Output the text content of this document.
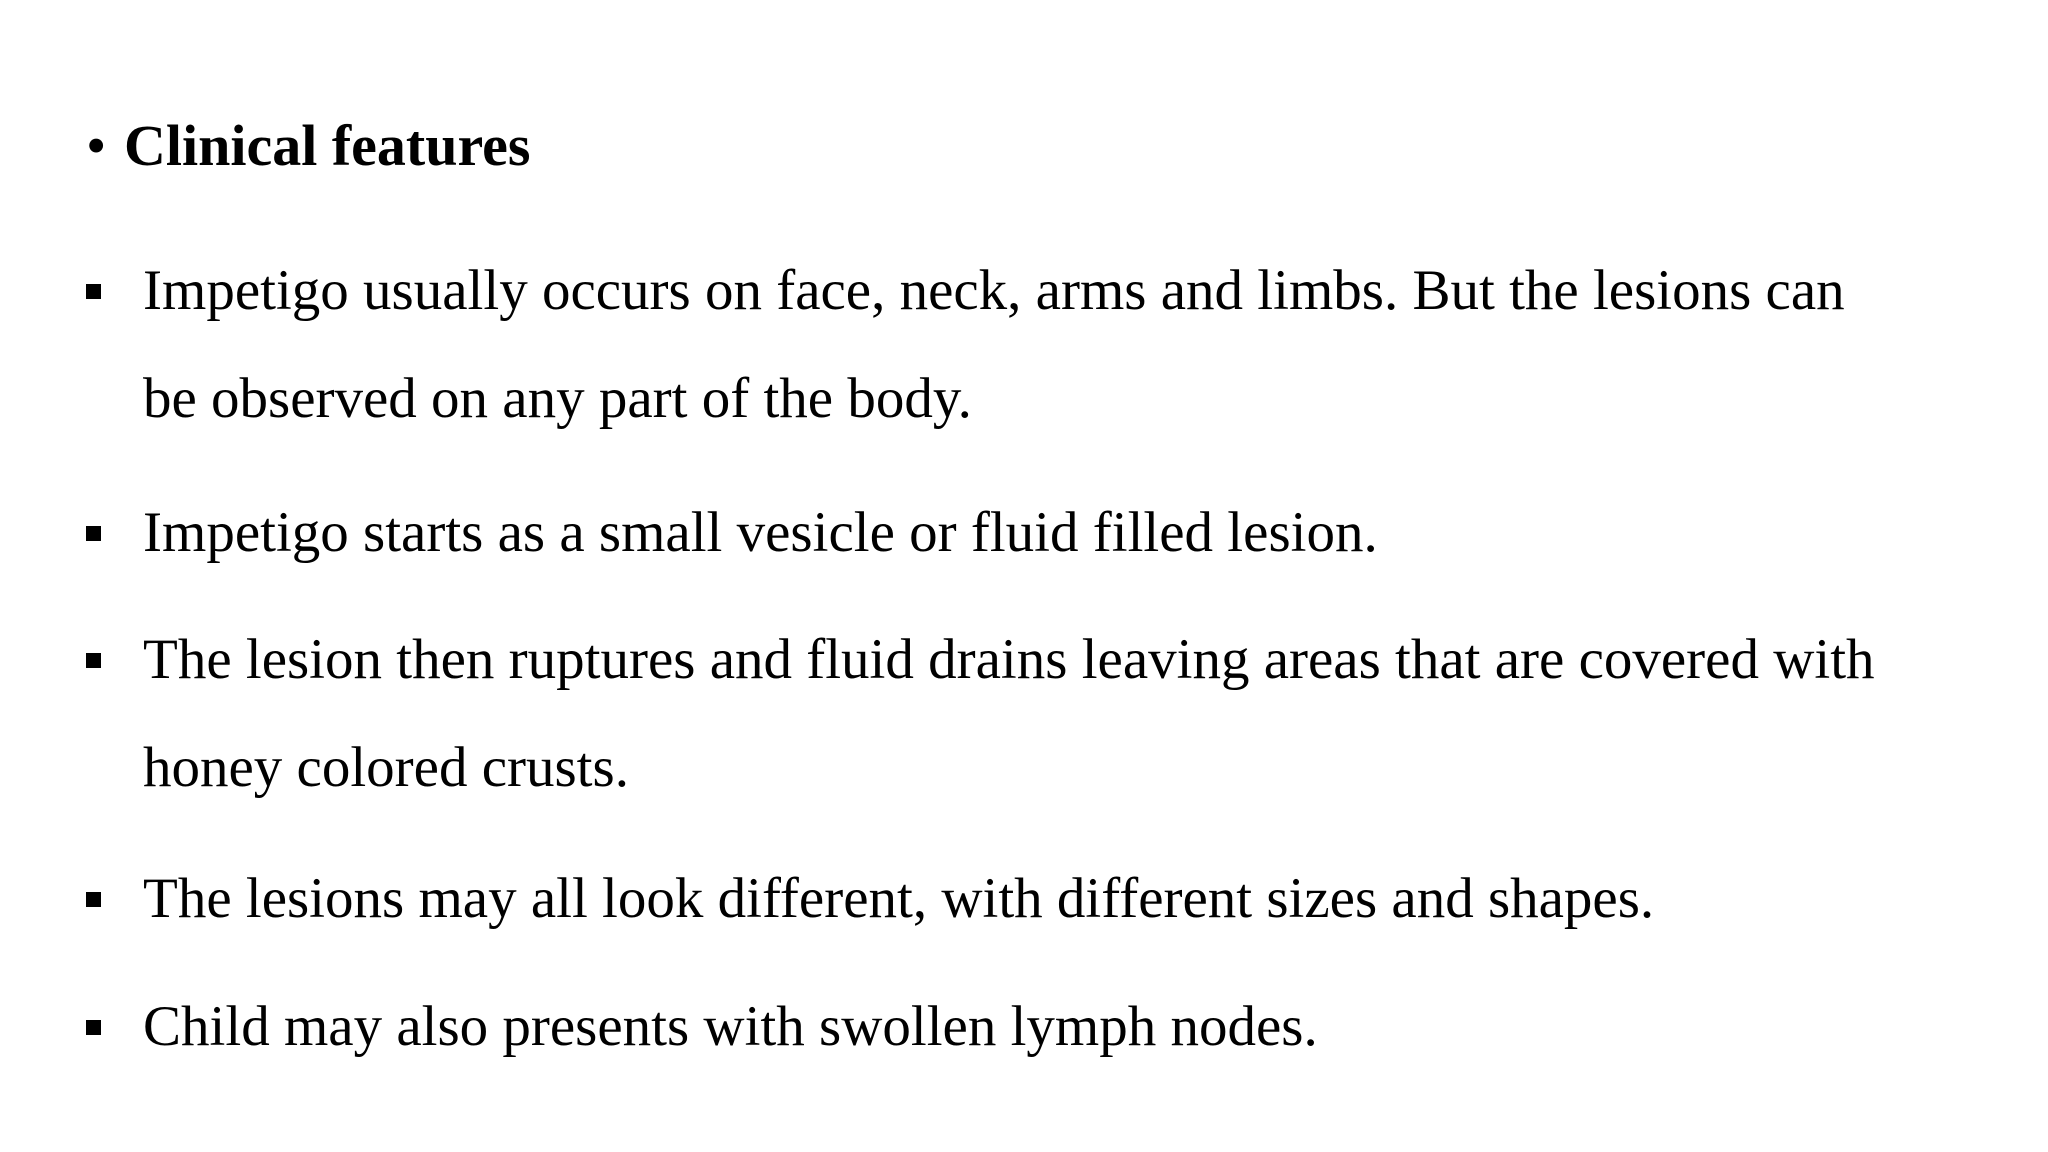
• Clinical features
Impetigo usually occurs on face, neck, arms and limbs. But the lesions can
be observed on any part of the body.
Impetigo starts as a small vesicle or fluid filled lesion.
The lesion then ruptures and fluid drains leaving areas that are covered with
honey colored crusts.
The lesions may all look different, with different sizes and shapes.
Child may also presents with swollen lymph nodes.
